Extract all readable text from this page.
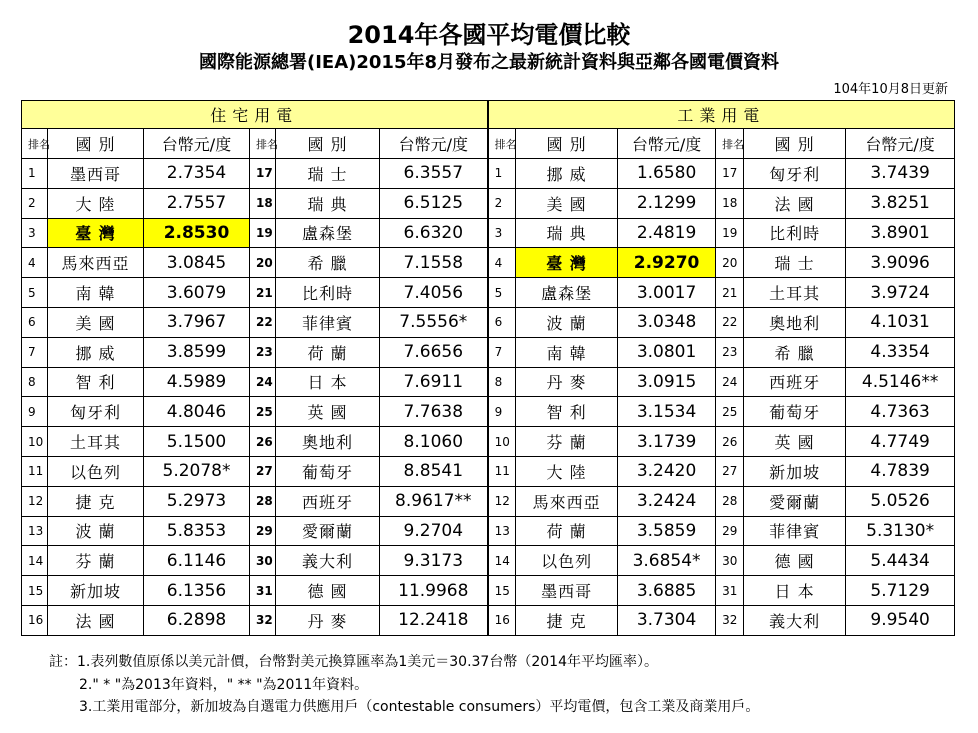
2014年各國平均電價比較
國際能源總署(IEA)2015年8月發布之最新統計資料與亞鄰各國電價資料
104年10月8日更新
住宅用電						工業用電					
排名	國 別	台幣元/度	排名	國 別	台幣元/度	排名	國 別	台幣元/度	排名	國 別	台幣元/度
1	墨西哥	2.7354	17	瑞 士	6.3557	1	挪 威	1.6580	17	匈牙利	3.7439
2	大 陸	2.7557	18	瑞 典	6.5125	2	美 國	2.1299	18	法 國	3.8251
3	臺 灣	2.8530	19	盧森堡	6.6320	3	瑞 典	2.4819	19	比利時	3.8901
4	馬來西亞	3.0845	20	希 臘	7.1558	4	臺 灣	2.9270	20	瑞 士	3.9096
5	南 韓	3.6079	21	比利時	7.4056	5	盧森堡	3.0017	21	土耳其	3.9724
6	美 國	3.7967	22	菲律賓	7.5556*	6	波 蘭	3.0348	22	奧地利	4.1031
7	挪 威	3.8599	23	荷 蘭	7.6656	7	南 韓	3.0801	23	希 臘	4.3354
8	智 利	4.5989	24	日 本	7.6911	8	丹 麥	3.0915	24	西班牙	4.5146**
9	匈牙利	4.8046	25	英 國	7.7638	9	智 利	3.1534	25	葡萄牙	4.7363
10	土耳其	5.1500	26	奧地利	8.1060	10	芬 蘭	3.1739	26	英 國	4.7749
11	以色列	5.2078*	27	葡萄牙	8.8541	11	大 陸	3.2420	27	新加坡	4.7839
12	捷 克	5.2973	28	西班牙	8.9617**	12	馬來西亞	3.2424	28	愛爾蘭	5.0526
13	波 蘭	5.8353	29	愛爾蘭	9.2704	13	荷 蘭	3.5859	29	菲律賓	5.3130*
14	芬 蘭	6.1146	30	義大利	9.3173	14	以色列	3.6854*	30	德 國	5.4434
15	新加坡	6.1356	31	德 國	11.9968	15	墨西哥	3.6885	31	日 本	5.7129
16	法 國	6.2898	32	丹 麥	12.2418	16	捷 克	3.7304	32	義大利	9.9540
註：1.表列數值原係以美元計價，台幣對美元換算匯率為1美元＝30.37台幣（2014年平均匯率）。
2." * "為2013年資料，" ** "為2011年資料。
3.工業用電部分，新加坡為自選電力供應用戶（contestable consumers）平均電價，包含工業及商業用戶。
